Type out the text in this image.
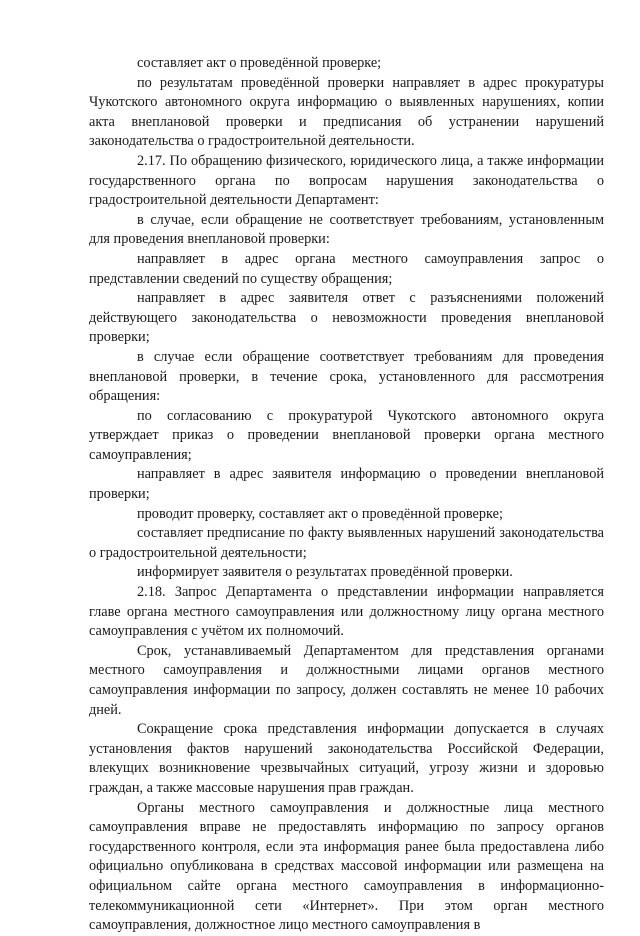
составляет акт о проведённой проверке;

по результатам проведённой проверки направляет в адрес прокуратуры Чукотского автономного округа информацию о выявленных нарушениях, копии акта внеплановой проверки и предписания об устранении нарушений законодательства о градостроительной деятельности.

2.17. По обращению физического, юридического лица, а также информации государственного органа по вопросам нарушения законодательства о градостроительной деятельности Департамент:

в случае, если обращение не соответствует требованиям, установленным для проведения внеплановой проверки:

направляет в адрес органа местного самоуправления запрос о представлении сведений по существу обращения;

направляет в адрес заявителя ответ с разъяснениями положений действующего законодательства о невозможности проведения внеплановой проверки;

в случае если обращение соответствует требованиям для проведения внеплановой проверки, в течение срока, установленного для рассмотрения обращения:

по согласованию с прокуратурой Чукотского автономного округа утверждает приказ о проведении внеплановой проверки органа местного самоуправления;

направляет в адрес заявителя информацию о проведении внеплановой проверки;

проводит проверку, составляет акт о проведённой проверке;

составляет предписание по факту выявленных нарушений законодательства о градостроительной деятельности;

информирует заявителя о результатах проведённой проверки.

2.18. Запрос Департамента о представлении информации направляется главе органа местного самоуправления или должностному лицу органа местного самоуправления с учётом их полномочий.

Срок, устанавливаемый Департаментом для представления органами местного самоуправления и должностными лицами органов местного самоуправления информации по запросу, должен составлять не менее 10 рабочих дней.

Сокращение срока представления информации допускается в случаях установления фактов нарушений законодательства Российской Федерации, влекущих возникновение чрезвычайных ситуаций, угрозу жизни и здоровью граждан, а также массовые нарушения прав граждан.

Органы местного самоуправления и должностные лица местного самоуправления вправе не предоставлять информацию по запросу органов государственного контроля, если эта информация ранее была предоставлена либо официально опубликована в средствах массовой информации или размещена на официальном сайте органа местного самоуправления в информационно-телекоммуникационной сети «Интернет». При этом орган местного самоуправления, должностное лицо местного самоуправления в
